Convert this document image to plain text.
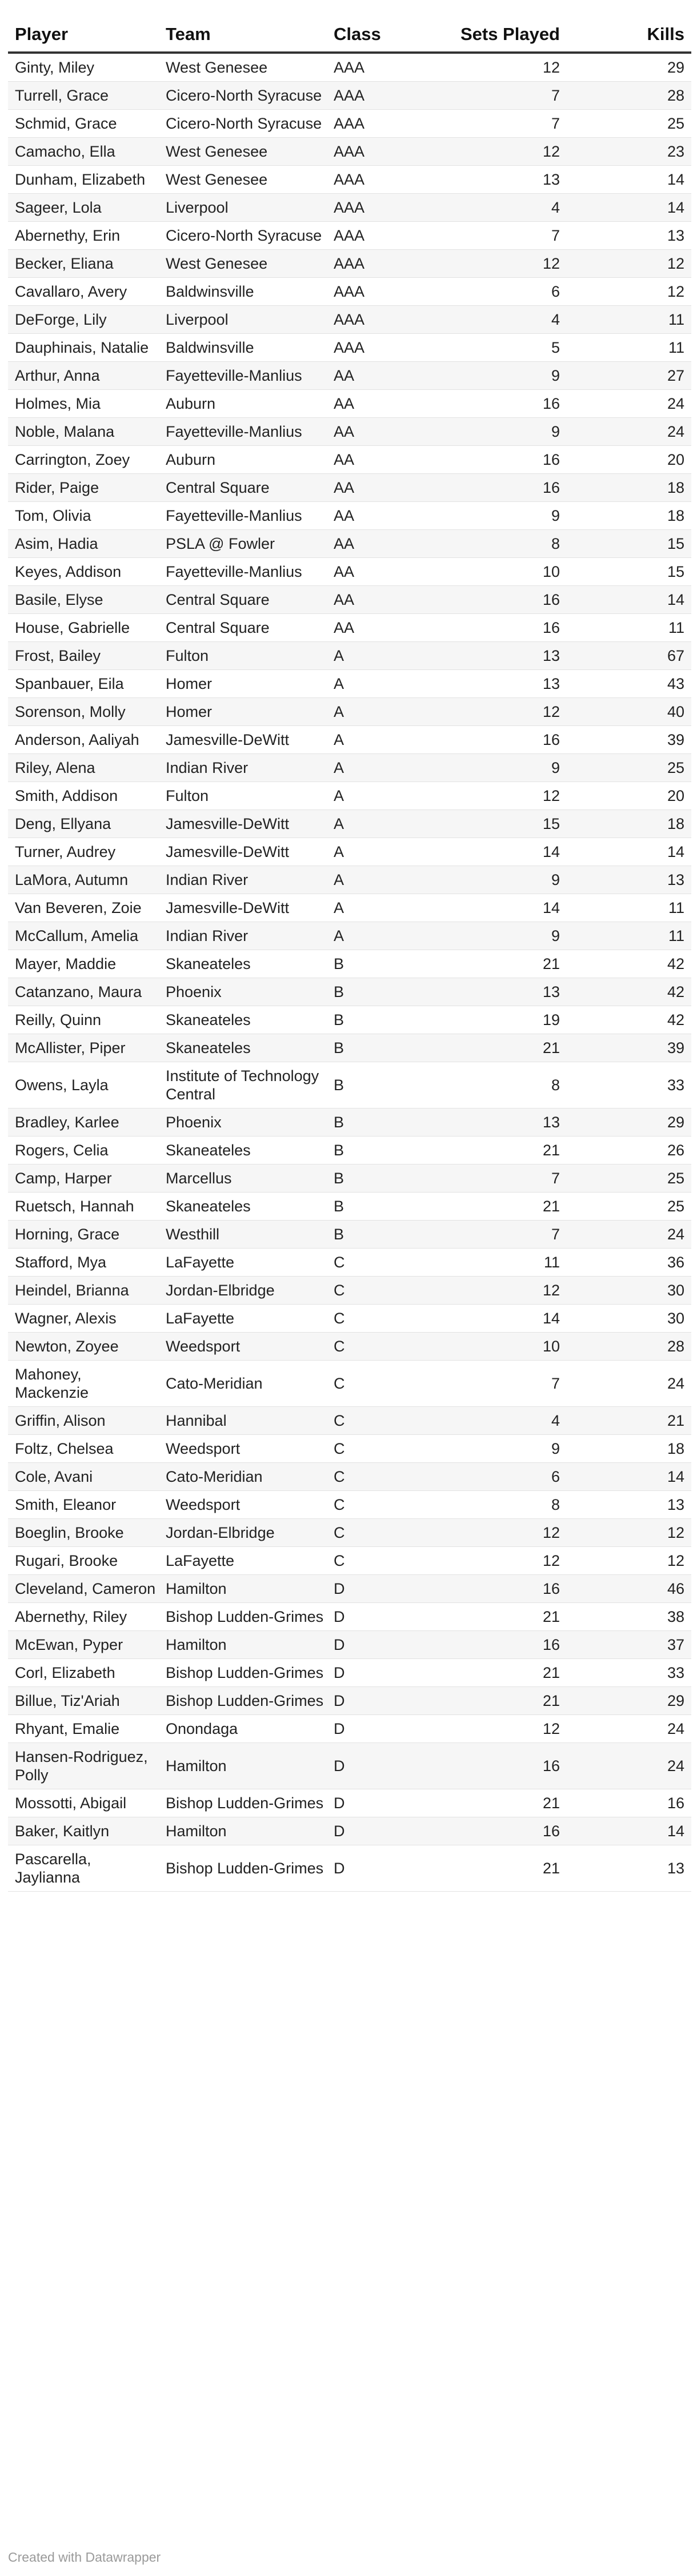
Player	Team	Class	Sets Played	Kills
Ginty, Miley	West Genesee	AAA	12	29
Turrell, Grace	Cicero-North Syracuse	AAA	7	28
Schmid, Grace	Cicero-North Syracuse	AAA	7	25
Camacho, Ella	West Genesee	AAA	12	23
Dunham, Elizabeth	West Genesee	AAA	13	14
Sageer, Lola	Liverpool	AAA	4	14
Abernethy, Erin	Cicero-North Syracuse	AAA	7	13
Becker, Eliana	West Genesee	AAA	12	12
Cavallaro, Avery	Baldwinsville	AAA	6	12
DeForge, Lily	Liverpool	AAA	4	11
Dauphinais, Natalie	Baldwinsville	AAA	5	11
Arthur, Anna	Fayetteville-Manlius	AA	9	27
Holmes, Mia	Auburn	AA	16	24
Noble, Malana	Fayetteville-Manlius	AA	9	24
Carrington, Zoey	Auburn	AA	16	20
Rider, Paige	Central Square	AA	16	18
Tom, Olivia	Fayetteville-Manlius	AA	9	18
Asim, Hadia	PSLA @ Fowler	AA	8	15
Keyes, Addison	Fayetteville-Manlius	AA	10	15
Basile, Elyse	Central Square	AA	16	14
House, Gabrielle	Central Square	AA	16	11
Frost, Bailey	Fulton	A	13	67
Spanbauer, Eila	Homer	A	13	43
Sorenson, Molly	Homer	A	12	40
Anderson, Aaliyah	Jamesville-DeWitt	A	16	39
Riley, Alena	Indian River	A	9	25
Smith, Addison	Fulton	A	12	20
Deng, Ellyana	Jamesville-DeWitt	A	15	18
Turner, Audrey	Jamesville-DeWitt	A	14	14
LaMora, Autumn	Indian River	A	9	13
Van Beveren, Zoie	Jamesville-DeWitt	A	14	11
McCallum, Amelia	Indian River	A	9	11
Mayer, Maddie	Skaneateles	B	21	42
Catanzano, Maura	Phoenix	B	13	42
Reilly, Quinn	Skaneateles	B	19	42
McAllister, Piper	Skaneateles	B	21	39
Owens, Layla	Institute of Technology Central	B	8	33
Bradley, Karlee	Phoenix	B	13	29
Rogers, Celia	Skaneateles	B	21	26
Camp, Harper	Marcellus	B	7	25
Ruetsch, Hannah	Skaneateles	B	21	25
Horning, Grace	Westhill	B	7	24
Stafford, Mya	LaFayette	C	11	36
Heindel, Brianna	Jordan-Elbridge	C	12	30
Wagner, Alexis	LaFayette	C	14	30
Newton, Zoyee	Weedsport	C	10	28
Mahoney, Mackenzie	Cato-Meridian	C	7	24
Griffin, Alison	Hannibal	C	4	21
Foltz, Chelsea	Weedsport	C	9	18
Cole, Avani	Cato-Meridian	C	6	14
Smith, Eleanor	Weedsport	C	8	13
Boeglin, Brooke	Jordan-Elbridge	C	12	12
Rugari, Brooke	LaFayette	C	12	12
Cleveland, Cameron	Hamilton	D	16	46
Abernethy, Riley	Bishop Ludden-Grimes	D	21	38
McEwan, Pyper	Hamilton	D	16	37
Corl, Elizabeth	Bishop Ludden-Grimes	D	21	33
Billue, Tiz'Ariah	Bishop Ludden-Grimes	D	21	29
Rhyant, Emalie	Onondaga	D	12	24
Hansen-Rodriguez, Polly	Hamilton	D	16	24
Mossotti, Abigail	Bishop Ludden-Grimes	D	21	16
Baker, Kaitlyn	Hamilton	D	16	14
Pascarella, Jaylianna	Bishop Ludden-Grimes	D	21	13
Created with Datawrapper
